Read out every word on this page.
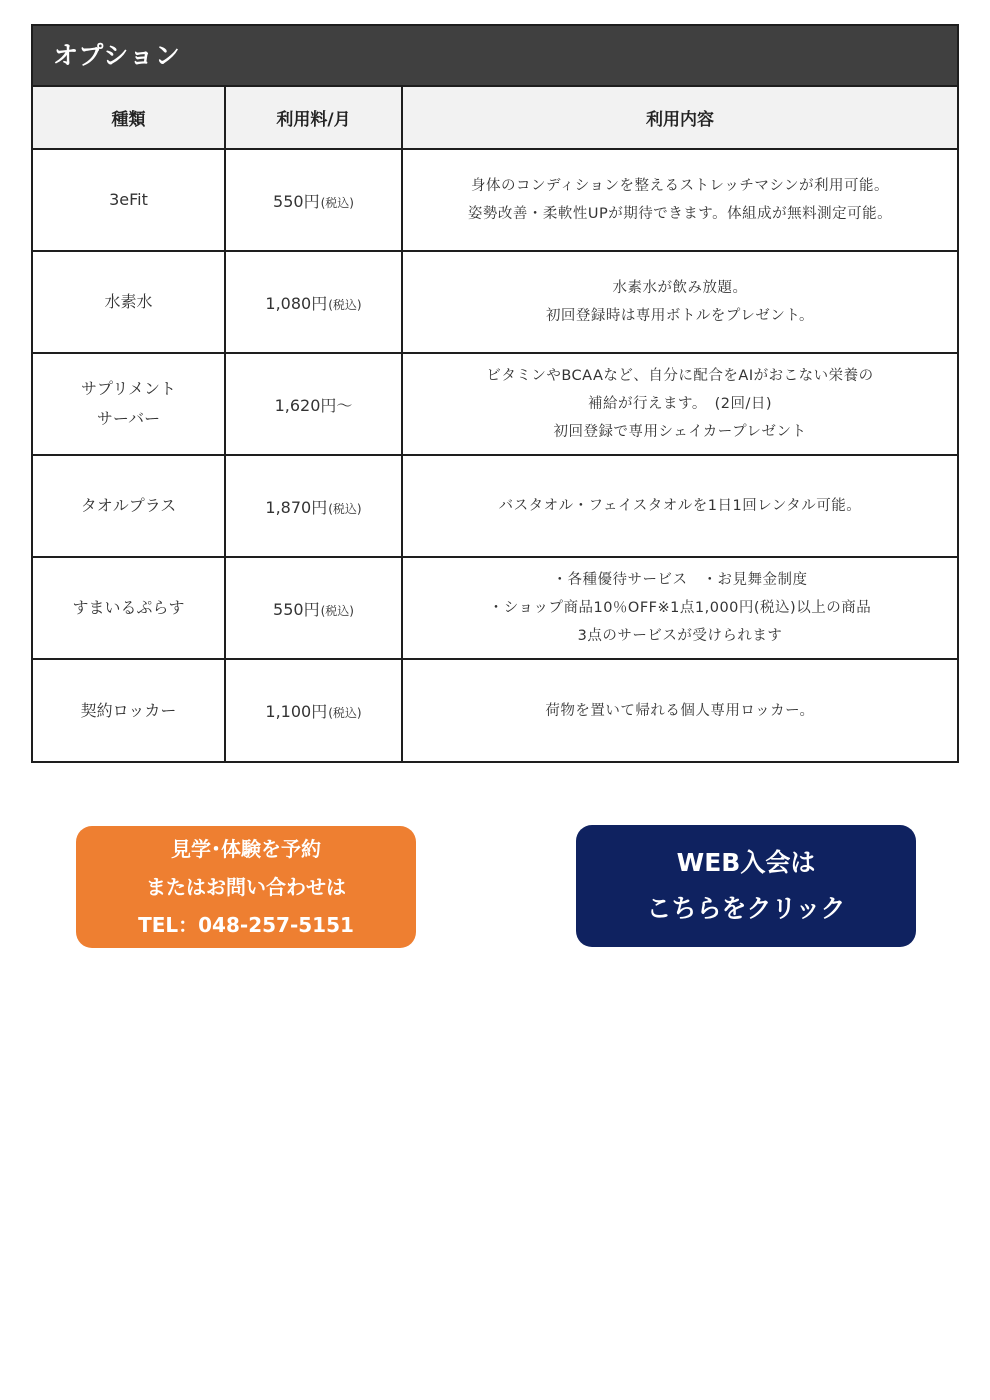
オプション
種類	利用料/月	利用内容

3eFit	550円(税込)	身体のコンディションを整えるストレッチマシンが利用可能。
姿勢改善・柔軟性UPが期待できます。体組成が無料測定可能。

水素水	1,080円(税込)	水素水が飲み放題。
初回登録時は専用ボトルをプレゼント。

サプリメント
サーバー	1,620円～	ビタミンやBCAAなど、自分に配合をAIがおこない栄養の
補給が行えます。　(2回/日)
初回登録で専用シェイカープレゼント

タオルプラス	1,870円(税込)	バスタオル・フェイスタオルを1日1回レンタル可能。

すまいるぷらす	550円(税込)	・各種優待サービス　・お見舞金制度
・ショップ商品10％OFF※1点1,000円(税込)以上の商品
3点のサービスが受けられます

契約ロッカー	1,100円(税込)	荷物を置いて帰れる個人専用ロッカー。
見学･体験を予約
またはお問い合わせは
TEL：048-257-5151
WEB入会は
こちらをクリック
